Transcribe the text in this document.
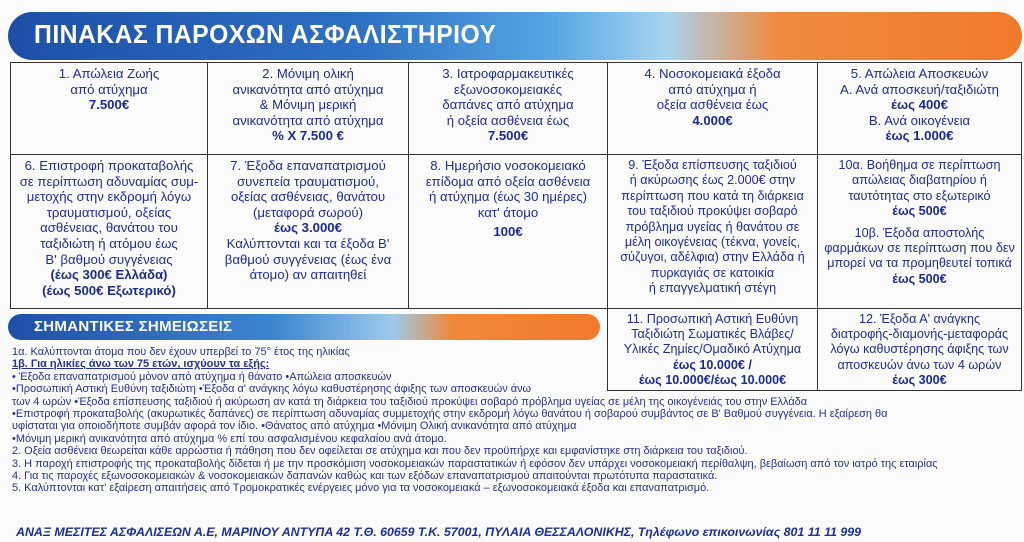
ΠΙΝΑΚΑΣ ΠΑΡΟΧΩΝ ΑΣΦΑΛΙΣΤΗΡΙΟΥ
1. Απώλεια Ζωής
από ατύχημα
7.500€
2. Μόνιμη ολική
ανικανότητα από ατύχημα
& Μόνιμη μερική
ανικανότητα από ατύχημα
% Χ 7.500 €
3. Ιατροφαρμακευτικές
εξωνοσοκομειακές
δαπάνες από ατύχημα
ή οξεία ασθένεια έως
7.500€
4. Νοσοκομειακά έξοδα
από ατύχημα ή
οξεία ασθένεια έως
4.000€
5. Απώλεια Αποσκευών
Α. Ανά αποσκευή/ταξιδιώτη
έως 400€
Β. Ανά οικογένεια
έως 1.000€
6. Επιστροφή προκαταβολής
σε περίπτωση αδυναμίας συμ-
μετοχής στην εκδρομή λόγω
τραυματισμού, οξείας
ασθένειας, θανάτου του
ταξιδιώτη ή ατόμου έως
Β' βαθμού συγγένειας
(έως 300€ Ελλάδα)
(έως 500€ Εξωτερικό)
7. Έξοδα επαναπατρισμού
συνεπεία τραυματισμού,
οξείας ασθένειας, θανάτου
(μεταφορά σωρού)
έως 3.000€
Καλύπτονται και τα έξοδα Β'
βαθμού συγγένειας (έως ένα
άτομο) αν απαιτηθεί
8. Ημερήσιο νοσοκομειακό
επίδομα από οξεία ασθένεια
ή ατύχημα (έως 30 ημέρες)
κατ' άτομο
100€
9. Έξοδα επίσπευσης ταξιδιού
ή ακύρωσης έως 2.000€ στην
περίπτωση που κατά τη διάρκεια
του ταξιδιού προκύψει σοβαρό
πρόβλημα υγείας ή θανάτου σε
μέλη οικογένειας (τέκνα, γονείς,
σύζυγοι, αδέλφια) στην Ελλάδα ή
πυρκαγιάς σε κατοικία
ή επαγγελματική στέγη
10α. Βοήθημα σε περίπτωση
απώλειας διαβατηρίου ή
ταυτότητας στο εξωτερικό
έως 500€
10β. Έξοδα αποστολής
φαρμάκων σε περίπτωση που δεν
μπορεί να τα προμηθευτεί τοπικά
έως 500€
11. Προσωπική Αστική Ευθύνη
Ταξιδιώτη Σωματικές Βλάβες/
Υλικές Ζημίες/Ομαδικό Ατύχημα
έως 10.000€ /
έως 10.000€/έως 10.000€
12. Έξοδα Α' ανάγκης
διατροφής-διαμονής-μεταφοράς
λόγω καθυστέρησης άφιξης των
αποσκευών άνω των 4 ωρών
έως 300€
ΣΗΜΑΝΤΙΚΕΣ ΣΗΜΕΙΩΣΕΙΣ
1α. Καλύπτονται άτομα που δεν έχουν υπερβεί το 75° έτος της ηλικίας
1β. Για ηλικίες άνω των 75 ετών, ισχύουν τα εξής:
• Έξοδα επαναπατρισμού μόνον από ατύχημα ή θάνατο •Απώλεια αποσκευών
•Προσωπική Αστική Ευθύνη ταξιδιώτη •Έξοδα α' ανάγκης λόγω καθυστέρησης άφιξης των αποσκευών άνω
των 4 ωρών •Έξοδα επίσπευσης ταξιδιού ή ακύρωση αν κατά τη διάρκεια του ταξιδιού προκύψει σοβαρό πρόβλημα υγείας σε μέλη της οικογένειάς του στην Ελλάδα
•Επιστροφή προκαταβολής (ακυρωτικές δαπάνες) σε περίπτωση αδυναμίας συμμετοχής στην εκδρομή λόγω θανάτου ή σοβαρού συμβάντος σε Β' Βαθμού συγγένεια. Η εξαίρεση θα
υφίσταται για οποιοδήποτε συμβάν αφορά τον ίδιο. •Θάνατος από ατύχημα •Μόνιμη Ολική ανικανότητα από ατύχημα
•Μόνιμη μερική ανικανότητα από ατύχημα % επί του ασφαλισμένου κεφαλαίου ανά άτομο.
2. Οξεία ασθένεια θεωρείται κάθε αρρώστια ή πάθηση που δεν οφείλεται σε ατύχημα και που δεν προϋπήρχε και εμφανίστηκε στη διάρκεια του ταξιδιού.
3. Η παροχή επιστροφής της προκαταβολής δίδεται ή με την προσκόμιση νοσοκομειακών παραστατικών ή εφόσον δεν υπάρχει νοσοκομειακή περίθαλψη, βεβαίωση από τον ιατρό της εταιρίας
4. Για τις παροχές εξωνοσοκομειακών & νοσοκομειακών δαπανών καθώς και των εξόδων επαναπατρισμού απαιτούνται πρωτότυπα παραστατικά.
5. Καλύπτονται κατ' εξαίρεση απαιτήσεις από Τρομοκρατικές ενέργειες μόνο για τα νοσοκομειακά – εξωνοσοκομειακά έξοδα και επαναπατρισμό.
ΑΝΑΞ ΜΕΣΙΤΕΣ ΑΣΦΑΛΙΣΕΩΝ Α.Ε, ΜΑΡΙΝΟΥ ΑΝΤΥΠΑ 42 Τ.Θ. 60659 Τ.Κ. 57001, ΠΥΛΑΙΑ ΘΕΣΣΑΛΟΝΙΚΗΣ, Τηλέφωνο επικοινωνίας 801 11 11 999
